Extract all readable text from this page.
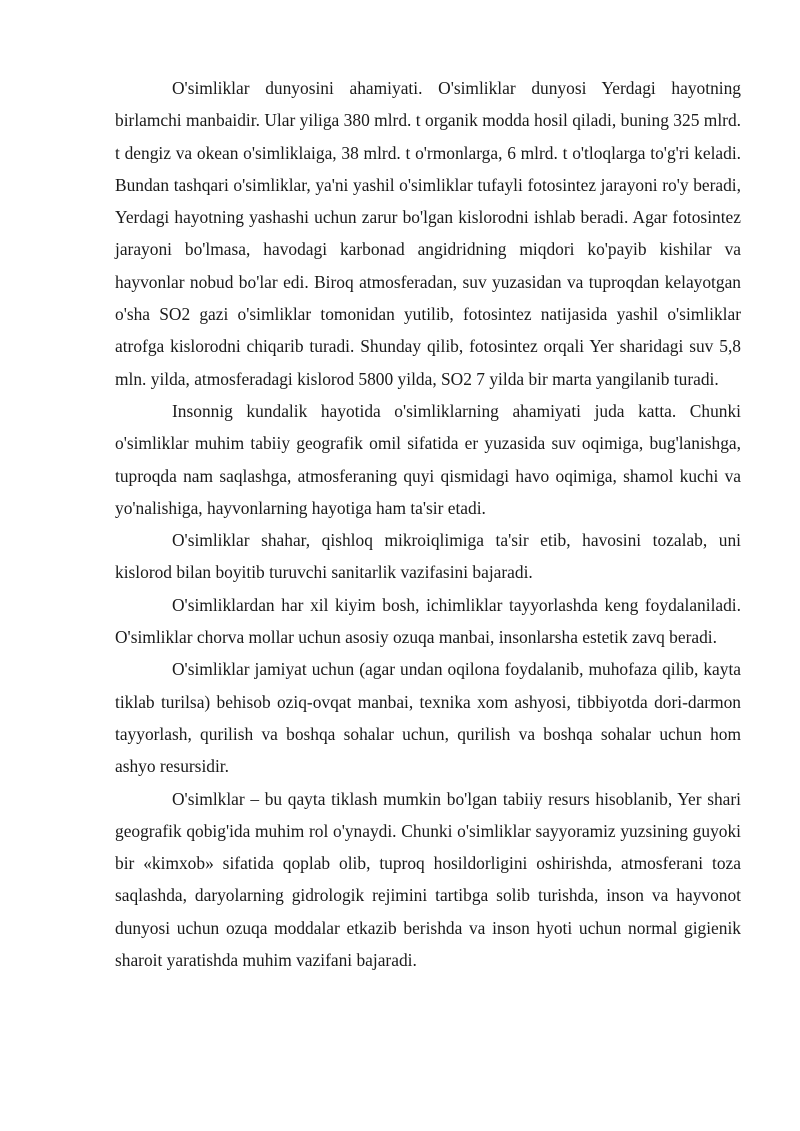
O'simliklar dunyosini ahamiyati. O'simliklar dunyosi Yerdagi hayotning birlamchi manbaidir. Ular yiliga 380 mlrd. t organik modda hosil qiladi, buning 325 mlrd. t dengiz va okean o'simliklaiga, 38 mlrd. t o'rmonlarga, 6 mlrd. t o'tloqlarga to'g'ri keladi. Bundan tashqari o'simliklar, ya'ni yashil o'simliklar tufayli fotosintez jarayoni ro'y beradi, Yerdagi hayotning yashashi uchun zarur bo'lgan kislorodni ishlab beradi. Agar fotosintez jarayoni bo'lmasa, havodagi karbonad angidridning miqdori ko'payib kishilar va hayvonlar nobud bo'lar edi. Biroq atmosferadan, suv yuzasidan va tuproqdan kelayotgan o'sha SO2 gazi o'simliklar tomonidan yutilib, fotosintez natijasida yashil o'simliklar atrofga kislorodni chiqarib turadi. Shunday qilib, fotosintez orqali Yer sharidagi suv 5,8 mln. yilda, atmosferadagi kislorod 5800 yilda, SO2 7 yilda bir marta yangilanib turadi.

Insonnig kundalik hayotida o'simliklarning ahamiyati juda katta. Chunki o'simliklar muhim tabiiy geografik omil sifatida er yuzasida suv oqimiga, bug'lanishga, tuproqda nam saqlashga, atmosferaning quyi qismidagi havo oqimiga, shamol kuchi va yo'nalishiga, hayvonlarning hayotiga ham ta'sir etadi.

O'simliklar shahar, qishloq mikroiqlimiga ta'sir etib, havosini tozalab, uni kislorod bilan boyitib turuvchi sanitarlik vazifasini bajaradi.

O'simliklardan har xil kiyim bosh, ichimliklar tayyorlashda keng foydalaniladi. O'simliklar chorva mollar uchun asosiy ozuqa manbai, insonlarsha estetik zavq beradi.

O'simliklar jamiyat uchun (agar undan oqilona foydalanib, muhofaza qilib, kayta tiklab turilsa) behisob oziq-ovqat manbai, texnika xom ashyosi, tibbiyotda dori-darmon tayyorlash, qurilish va boshqa sohalar uchun, qurilish va boshqa sohalar uchun hom ashyo resursidir.

O'simlklar – bu qayta tiklash mumkin bo'lgan tabiiy resurs hisoblanib, Yer shari geografik qobig'ida muhim rol o'ynaydi. Chunki o'simliklar sayyoramiz yuzsining guyoki bir «kimxob» sifatida qoplab olib, tuproq hosildorligini oshirishda, atmosferani toza saqlashda, daryolarning gidrologik rejimini tartibga solib turishda, inson va hayvonot dunyosi uchun ozuqa moddalar etkazib berishda va inson hyoti uchun normal gigienik sharoit yaratishda muhim vazifani bajaradi.
